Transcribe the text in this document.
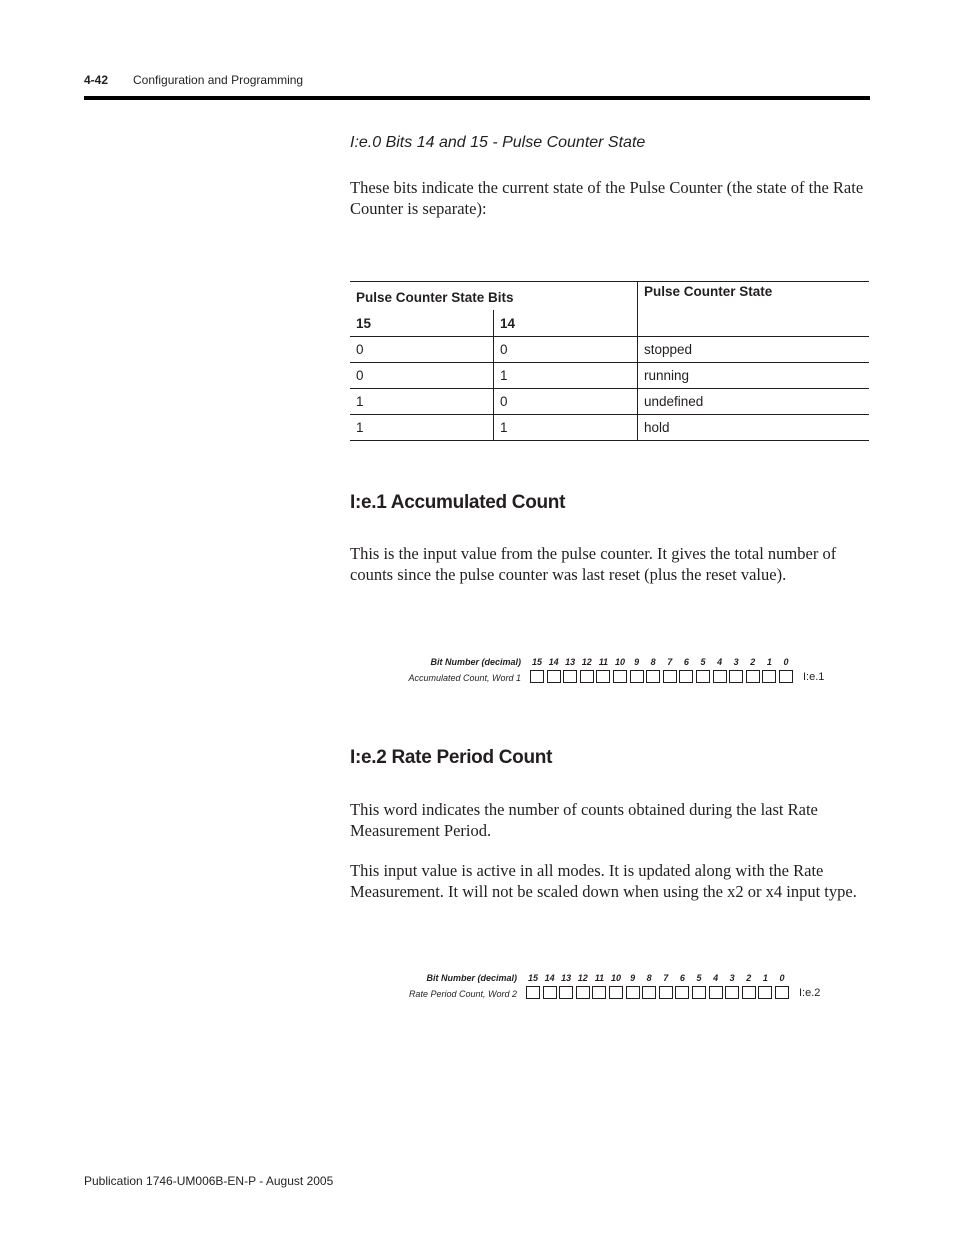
4-42 Configuration and Programming
I:e.0 Bits 14 and 15 - Pulse Counter State
These bits indicate the current state of the Pulse Counter (the state of the Rate Counter is separate):
Pulse Counter State Bits		Pulse Counter State
15	14	
0	0	stopped
0	1	running
1	0	undefined
1	1	hold
I:e.1 Accumulated Count
This is the input value from the pulse counter. It gives the total number of counts since the pulse counter was last reset (plus the reset value).
Bit Number (decimal)
Accumulated Count, Word 1
15 14 13 12 11 10	9	8	7	6	5	4	3	2	1	0
I:e.1
I:e.2 Rate Period Count
This word indicates the number of counts obtained during the last Rate Measurement Period.
This input value is active in all modes. It is updated along with the Rate Measurement. It will not be scaled down when using the x2 or x4 input type.
Bit Number (decimal)
Rate Period Count, Word 2
15 14 13 12 11 10	9	8	7	6	5	4	3	2	1	0
I:e.2
Publication 1746-UM006B-EN-P - August 2005
